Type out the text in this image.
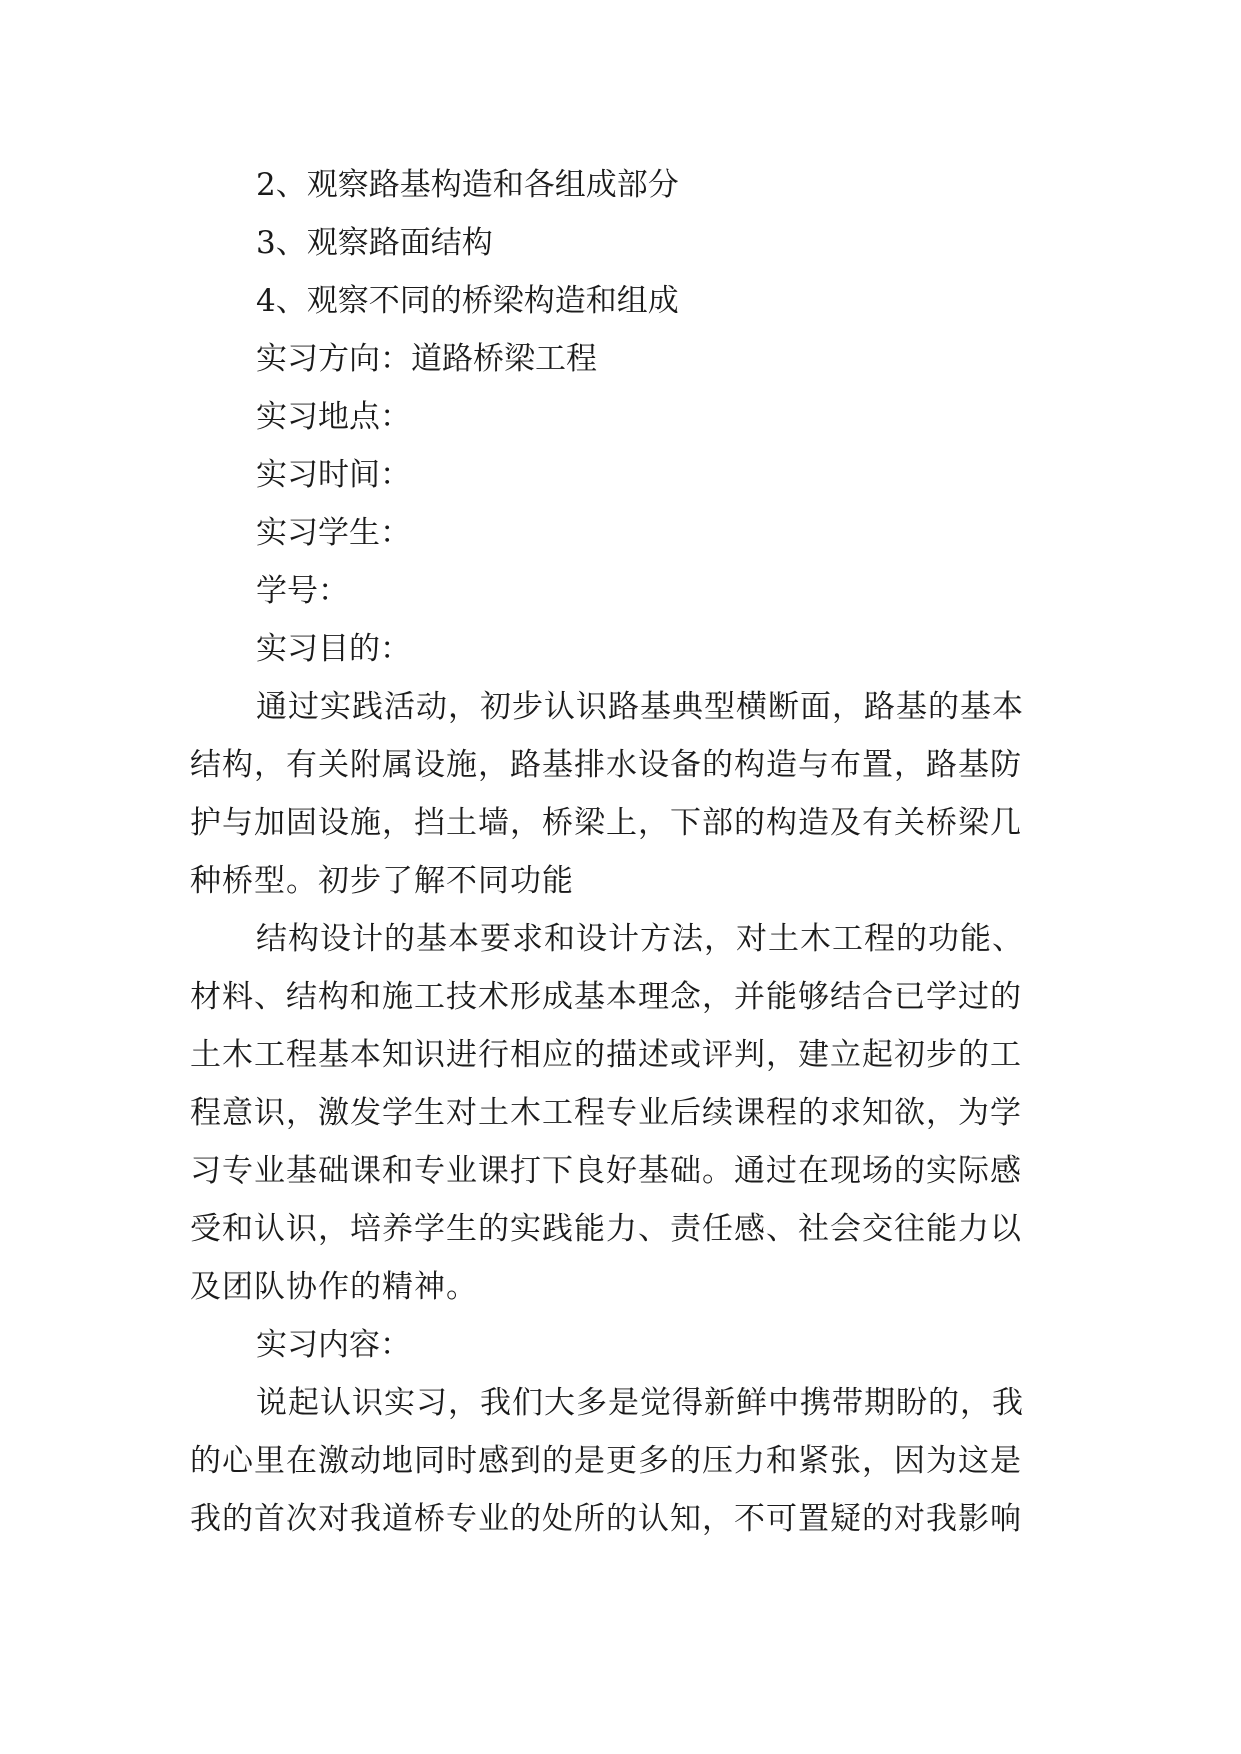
2、观察路基构造和各组成部分
3、观察路面结构
4、观察不同的桥梁构造和组成
实习方向：道路桥梁工程
实习地点：
实习时间：
实习学生：
学号：
实习目的：
通过实践活动，初步认识路基典型横断面，路基的基本
结构，有关附属设施，路基排水设备的构造与布置，路基防
护与加固设施，挡土墙，桥梁上，下部的构造及有关桥梁几
种桥型。初步了解不同功能
结构设计的基本要求和设计方法，对土木工程的功能、
材料、结构和施工技术形成基本理念，并能够结合已学过的
土木工程基本知识进行相应的描述或评判，建立起初步的工
程意识，激发学生对土木工程专业后续课程的求知欲，为学
习专业基础课和专业课打下良好基础。通过在现场的实际感
受和认识，培养学生的实践能力、责任感、社会交往能力以
及团队协作的精神。
实习内容：
说起认识实习，我们大多是觉得新鲜中携带期盼的，我
的心里在激动地同时感到的是更多的压力和紧张，因为这是
我的首次对我道桥专业的处所的认知，不可置疑的对我影响
